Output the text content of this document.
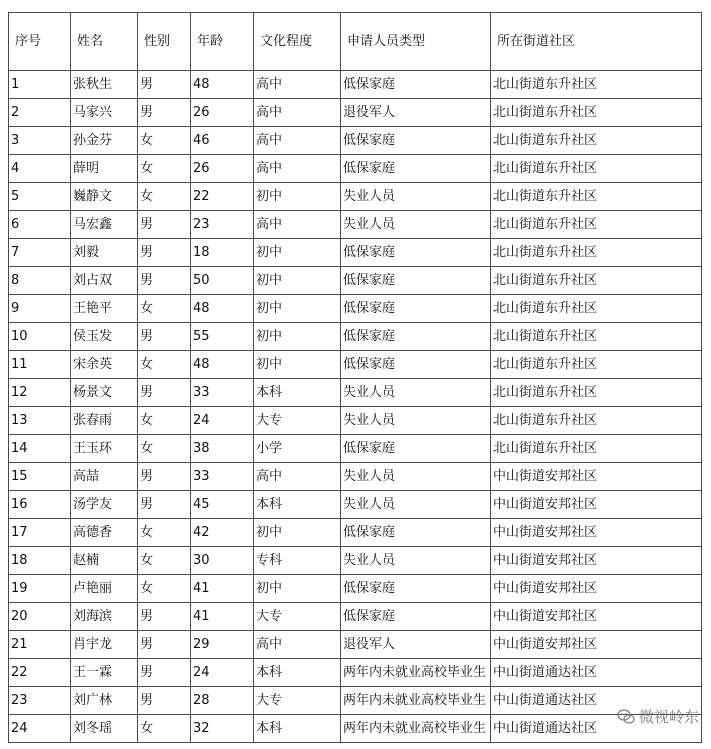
序号	姓名	性别	年龄	文化程度	申请人员类型	所在街道社区
1	张秋生	男	48	高中	低保家庭	北山街道东升社区
2	马家兴	男	26	高中	退役军人	北山街道东升社区
3	孙金芬	女	46	高中	低保家庭	北山街道东升社区
4	薛明	女	26	高中	低保家庭	北山街道东升社区
5	巍静文	女	22	初中	失业人员	北山街道东升社区
6	马宏鑫	男	23	高中	失业人员	北山街道东升社区
7	刘毅	男	18	初中	低保家庭	北山街道东升社区
8	刘占双	男	50	初中	低保家庭	北山街道东升社区
9	王艳平	女	48	初中	低保家庭	北山街道东升社区
10	侯玉发	男	55	初中	低保家庭	北山街道东升社区
11	宋余英	女	48	初中	低保家庭	北山街道东升社区
12	杨景文	男	33	本科	失业人员	北山街道东升社区
13	张春雨	女	24	大专	失业人员	北山街道东升社区
14	王玉环	女	38	小学	低保家庭	北山街道东升社区
15	高喆	男	33	高中	失业人员	中山街道安邦社区
16	汤学友	男	45	本科	失业人员	中山街道安邦社区
17	高德香	女	42	初中	低保家庭	中山街道安邦社区
18	赵楠	女	30	专科	失业人员	中山街道安邦社区
19	卢艳丽	女	41	初中	低保家庭	中山街道安邦社区
20	刘海滨	男	41	大专	低保家庭	中山街道安邦社区
21	肖宇龙	男	29	高中	退役军人	中山街道安邦社区
22	王一霖	男	24	本科	两年内未就业高校毕业生	中山街道通达社区
23	刘广林	男	28	大专	两年内未就业高校毕业生	中山街道通达社区
24	刘冬瑶	女	32	本科	两年内未就业高校毕业生	中山街道通达社区
微视岭东
